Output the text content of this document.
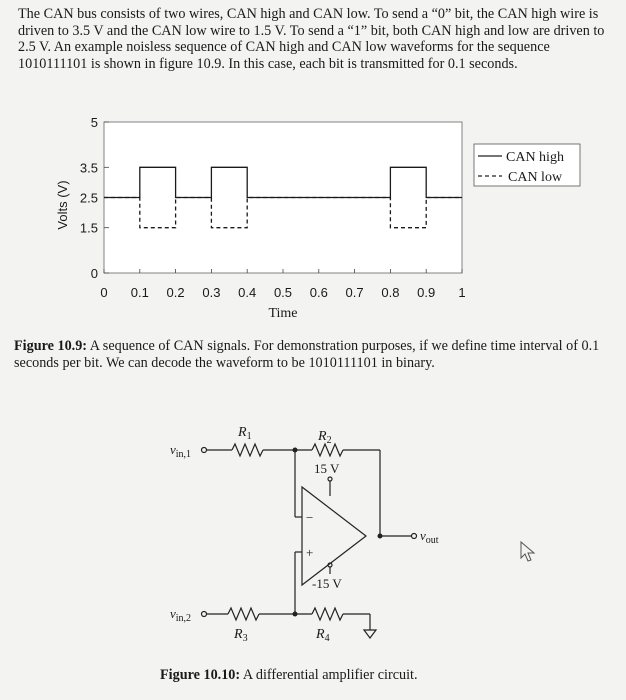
The CAN bus consists of two wires, CAN high and CAN low. To send a “0” bit, the CAN high wire is driven to 3.5 V and the CAN low wire to 1.5 V. To send a “1” bit, both CAN high and low are driven to 2.5 V. An example noisless sequence of CAN high and CAN low waveforms for the sequence 1010111101 is shown in figure 10.9. In this case, each bit is transmitted for 0.1 seconds.
0
1.5
2.5
3.5
5
0 0.1 0.2 0.3 0.4 0.5 0.6 0.7 0.8 0.9 1
Volts (V)
Time
CAN high
CAN low
Figure 10.9: A sequence of CAN signals. For demonstration purposes, if we define time interval of 0.1 seconds per bit. We can decode the waveform to be 1010111101 in binary.
$v_{in,1}$
$R_1$	$R_2$
15 V
−
+
$v_{out}$
-15 V
$v_{in,2}$
$R_3$	$R_4$
Figure 10.10: A differential amplifier circuit.
